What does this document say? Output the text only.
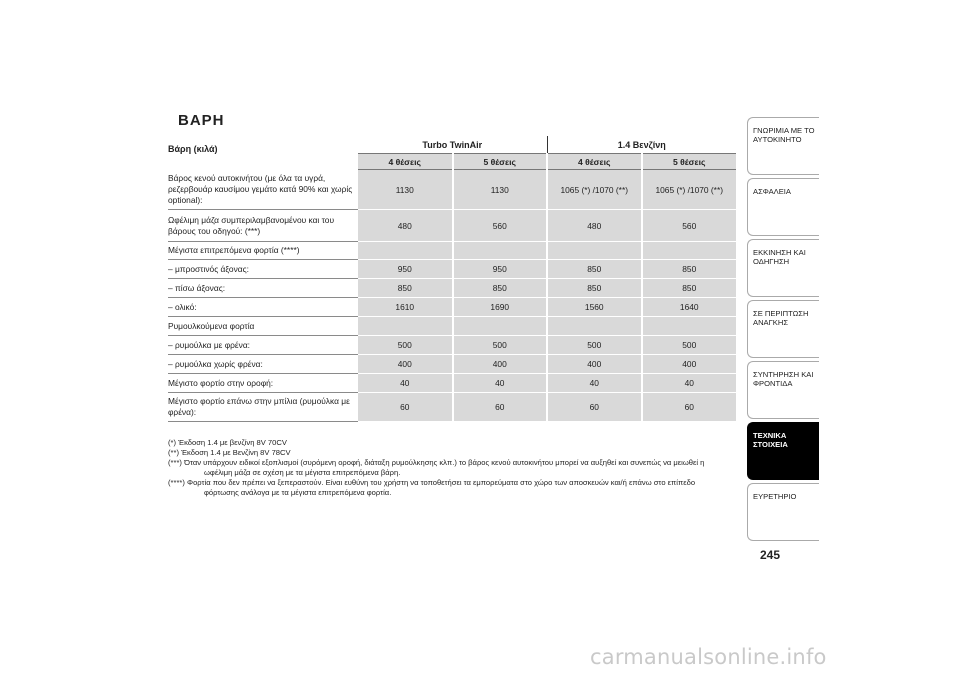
ΒΑΡΗ
Βάρη (κιλά)	Turbo TwinAir		1.4 Βενζίνη	
	4 θέσεις	5 θέσεις	4 θέσεις	5 θέσεις
Βάρος κενού αυτοκινήτου (με όλα τα υγρά, ρεζερβουάρ καυσίμου γεμάτο κατά 90% και χωρίς optional):	1130	1130	1065 (*) /1070 (**)	1065 (*) /1070 (**)
Ωφέλιμη μάζα συμπεριλαμβανομένου και του βάρους του οδηγού: (***)	480	560	480	560
Μέγιστα επιτρεπόμενα φορτία (****)				
– μπροστινός άξονας:	950	950	850	850
– πίσω άξονας:	850	850	850	850
– ολικό:	1610	1690	1560	1640
Ρυμουλκούμενα φορτία				
– ρυμούλκα με φρένα:	500	500	500	500
– ρυμούλκα χωρίς φρένα:	400	400	400	400
Μέγιστο φορτίο στην οροφή:	40	40	40	40
Μέγιστο φορτίο επάνω στην μπίλια (ρυμούλκα με φρένα):	60	60	60	60
(*) Έκδοση 1.4 με βενζίνη 8V 70CV
(**) Έκδοση 1.4 με Βενζίνη 8V 78CV
(***) Όταν υπάρχουν ειδικοί εξοπλισμοί (συρόμενη οροφή, διάταξη ρυμούλκησης κλπ.) το βάρος κενού αυτοκινήτου μπορεί να αυξηθεί και συνεπώς να μειωθεί η
ωφέλιμη μάζα σε σχέση με τα μέγιστα επιτρεπόμενα βάρη.
(****) Φορτία που δεν πρέπει να ξεπεραστούν. Είναι ευθύνη του χρήστη να τοποθετήσει τα εμπορεύματα στο χώρο των αποσκευών και/ή επάνω στο επίπεδο
φόρτωσης ανάλογα με τα μέγιστα επιτρεπόμενα φορτία.
ΓΝΩΡΙΜΙΑ ΜΕ ΤΟ ΑΥΤΟΚΙΝΗΤΟ
ΑΣΦΑΛΕΙΑ
ΕΚΚΙΝΗΣΗ ΚΑΙ ΟΔΗΓΗΣΗ
ΣΕ ΠΕΡΙΠΤΩΣΗ ΑΝΑΓΚΗΣ
ΣΥΝΤΗΡΗΣΗ ΚΑΙ ΦΡΟΝΤΙΔΑ
ΤΕΧΝΙΚΑ ΣΤΟΙΧΕΙΑ
ΕΥΡΕΤΗΡΙΟ
245
carmanualsonline.info
